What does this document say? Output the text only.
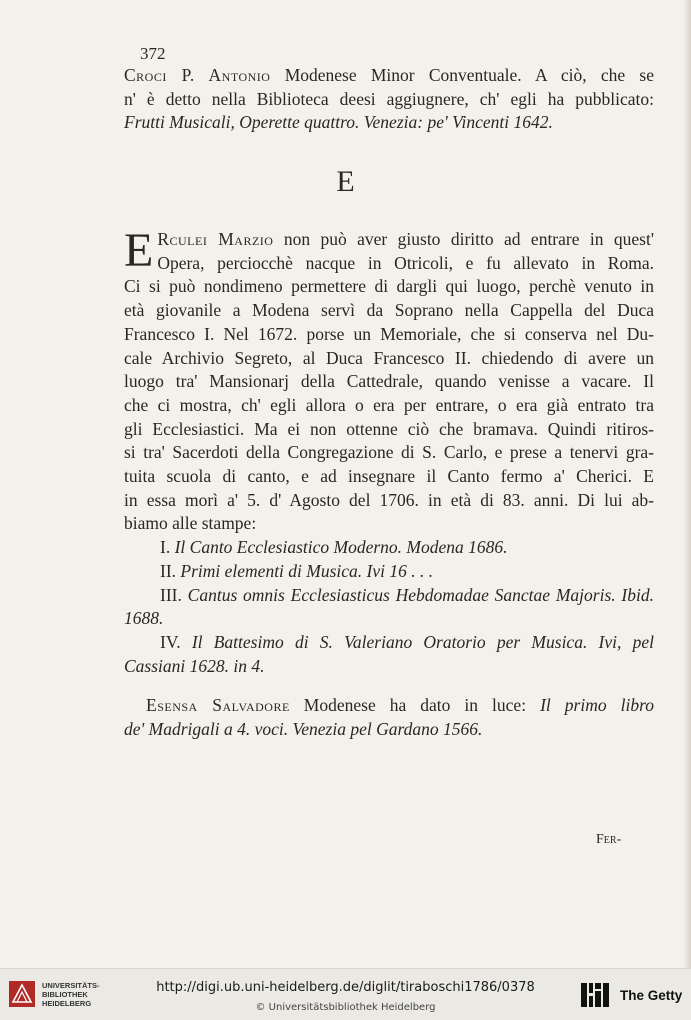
372
Croci P. Antonio Modenese Minor Conventuale. A ciò, che se
n' è detto nella Biblioteca deesi aggiugnere, ch' egli ha pubblicato:
Frutti Musicali, Operette quattro. Venezia: pe' Vincenti 1642.
E
E Rculei Marzio non può aver giusto diritto ad entrare in quest'
Opera, perciocchè nacque in Otricoli, e fu allevato in Roma.
Ci si può nondimeno permettere di dargli qui luogo, perchè venuto in
età giovanile a Modena servì da Soprano nella Cappella del Duca
Francesco I. Nel 1672. porse un Memoriale, che si conserva nel Du-
cale Archivio Segreto, al Duca Francesco II. chiedendo di avere un
luogo tra' Mansionarj della Cattedrale, quando venisse a vacare. Il
che ci mostra, ch' egli allora o era per entrare, o era già entrato tra
gli Ecclesiastici. Ma ei non ottenne ciò che bramava. Quindi ritiros-
si tra' Sacerdoti della Congregazione di S. Carlo, e prese a tenervi gra-
tuita scuola di canto, e ad insegnare il Canto fermo a' Cherici. E
in essa morì a' 5. d' Agosto del 1706. in età di 83. anni. Di lui ab-
biamo alle stampe:
I. Il Canto Ecclesiastico Moderno. Modena 1686.
II. Primi elementi di Musica. Ivi 16 . . .
III. Cantus omnis Ecclesiasticus Hebdomadae Sanctae Majoris. Ibid.
1688.
IV. Il Battesimo di S. Valeriano Oratorio per Musica. Ivi, pel
Cassiani 1628. in 4.
Esensa Salvadore Modenese ha dato in luce: Il primo libro
de' Madrigali a 4. voci. Venezia pel Gardano 1566.
Fer-
UNIVERSITÄTS-
BIBLIOTHEK
HEIDELBERG
http://digi.ub.uni-heidelberg.de/diglit/tiraboschi1786/0378
© Universitätsbibliothek Heidelberg
The Getty
